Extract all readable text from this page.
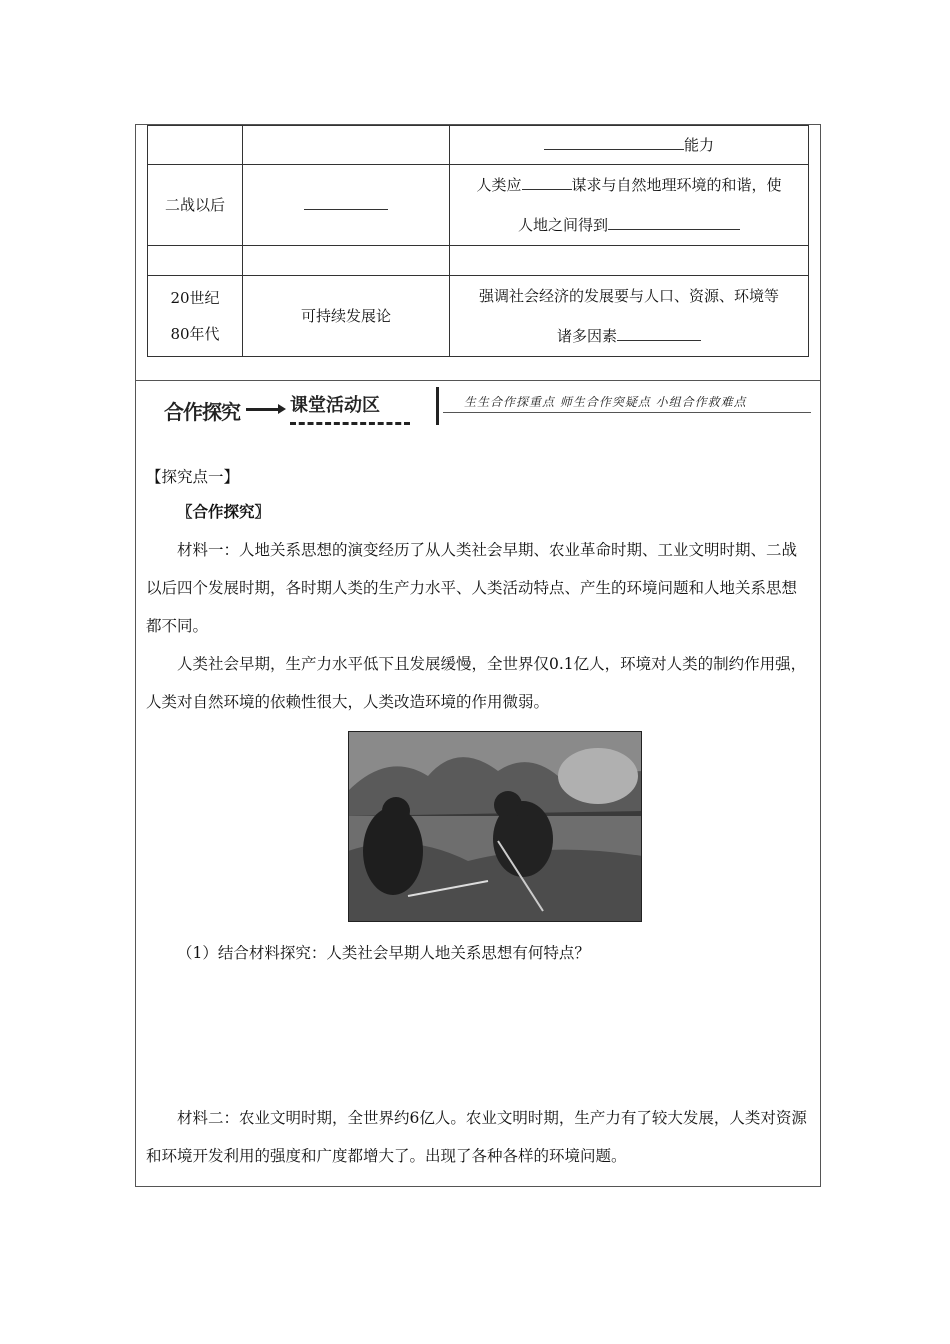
		能力
二战以后		人类应 谋求与自然地理环境的和谐，使
人地之间得到

20世纪
80年代	可持续发展论	强调社会经济的发展要与人口、资源、环境等
诸多因素
合作探究	课堂活动区	生生合作探重点 师生合作突疑点 小组合作救难点
【探究点一】
〖合作探究〗
材料一：人地关系思想的演变经历了从人类社会早期、农业革命时期、工业文明时期、二战以后四个发展时期，各时期人类的生产力水平、人类活动特点、产生的环境问题和人地关系思想都不同。
人类社会早期，生产力水平低下且发展缓慢，全世界仅0.1亿人，环境对人类的制约作用强，人类对自然环境的依赖性很大，人类改造环境的作用微弱。
（1）结合材料探究：人类社会早期人地关系思想有何特点？
材料二：农业文明时期，全世界约6亿人。农业文明时期，生产力有了较大发展，人类对资源和环境开发利用的强度和广度都增大了。出现了各种各样的环境问题。
